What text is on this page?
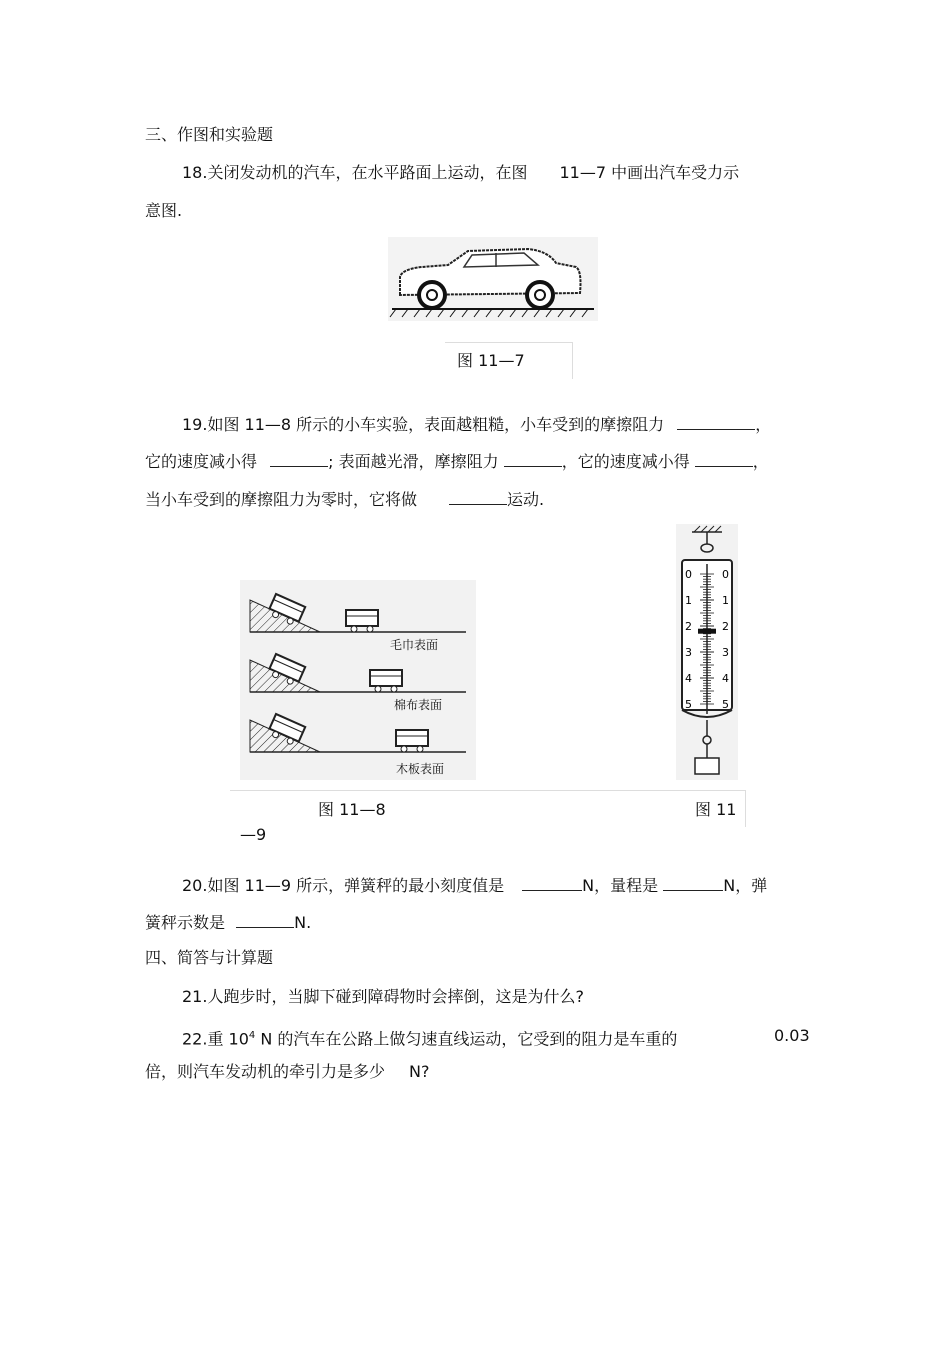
三、作图和实验题
18.关闭发动机的汽车，在水平路面上运动，在图 11—7 中画出汽车受力示
意图.
图 11—7
19.如图 11—8 所示的小车实验，表面越粗糙，小车受到的摩擦阻力	，
它的速度减小得	; 表面越光滑，摩擦阻力	，它的速度减小得	，
当小车受到的摩擦阻力为零时，它将做	运动.
毛巾表面
棉布表面
木板表面
0	0
1	1
2	2
3	3
4	4
5	5
图 11—8	图 11
—9
20.如图 11—9 所示，弹簧秤的最小刻度值是	N，量程是	N，弹
簧秤示数是	N.
四、简答与计算题
21.人跑步时，当脚下碰到障碍物时会摔倒，这是为什么?
22.重 $10^4$ N 的汽车在公路上做匀速直线运动，它受到的阻力是车重的	0.03
倍，则汽车发动机的牵引力是多少 N?
